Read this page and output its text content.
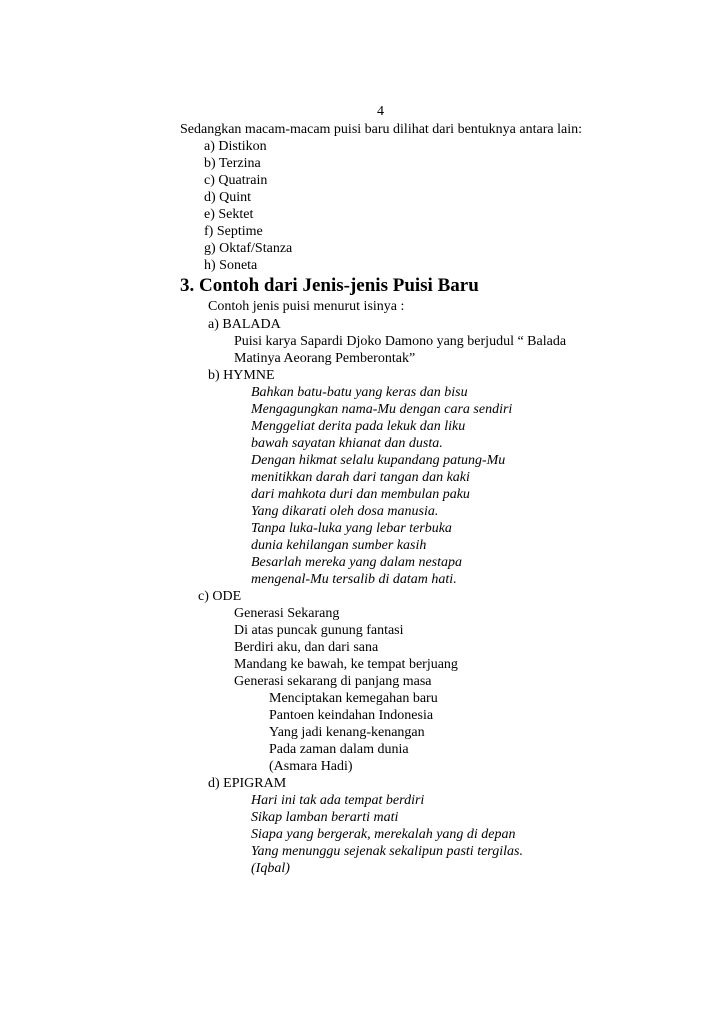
4
Sedangkan macam-macam puisi baru dilihat dari bentuknya antara lain:
a) Distikon
b) Terzina
c) Quatrain
d) Quint
e) Sektet
f) Septime
g) Oktaf/Stanza
h) Soneta
3. Contoh dari Jenis-jenis Puisi Baru
Contoh jenis puisi menurut isinya :
a) BALADA
Puisi karya Sapardi Djoko Damono yang berjudul “ Balada
Matinya Aeorang Pemberontak”
b) HYMNE
Bahkan batu-batu yang keras dan bisu
Mengagungkan nama-Mu dengan cara sendiri
Menggeliat derita pada lekuk dan liku
bawah sayatan khianat dan dusta.
Dengan hikmat selalu kupandang patung-Mu
menitikkan darah dari tangan dan kaki
dari mahkota duri dan membulan paku
Yang dikarati oleh dosa manusia.
Tanpa luka-luka yang lebar terbuka
dunia kehilangan sumber kasih
Besarlah mereka yang dalam nestapa
mengenal-Mu tersalib di datam hati.
c) ODE
Generasi Sekarang
Di atas puncak gunung fantasi
Berdiri aku, dan dari sana
Mandang ke bawah, ke tempat berjuang
Generasi sekarang di panjang masa
Menciptakan kemegahan baru
Pantoen keindahan Indonesia
Yang jadi kenang-kenangan
Pada zaman dalam dunia
(Asmara Hadi)
d) EPIGRAM
Hari ini tak ada tempat berdiri
Sikap lamban berarti mati
Siapa yang bergerak, merekalah yang di depan
Yang menunggu sejenak sekalipun pasti tergilas.
(Iqbal)
